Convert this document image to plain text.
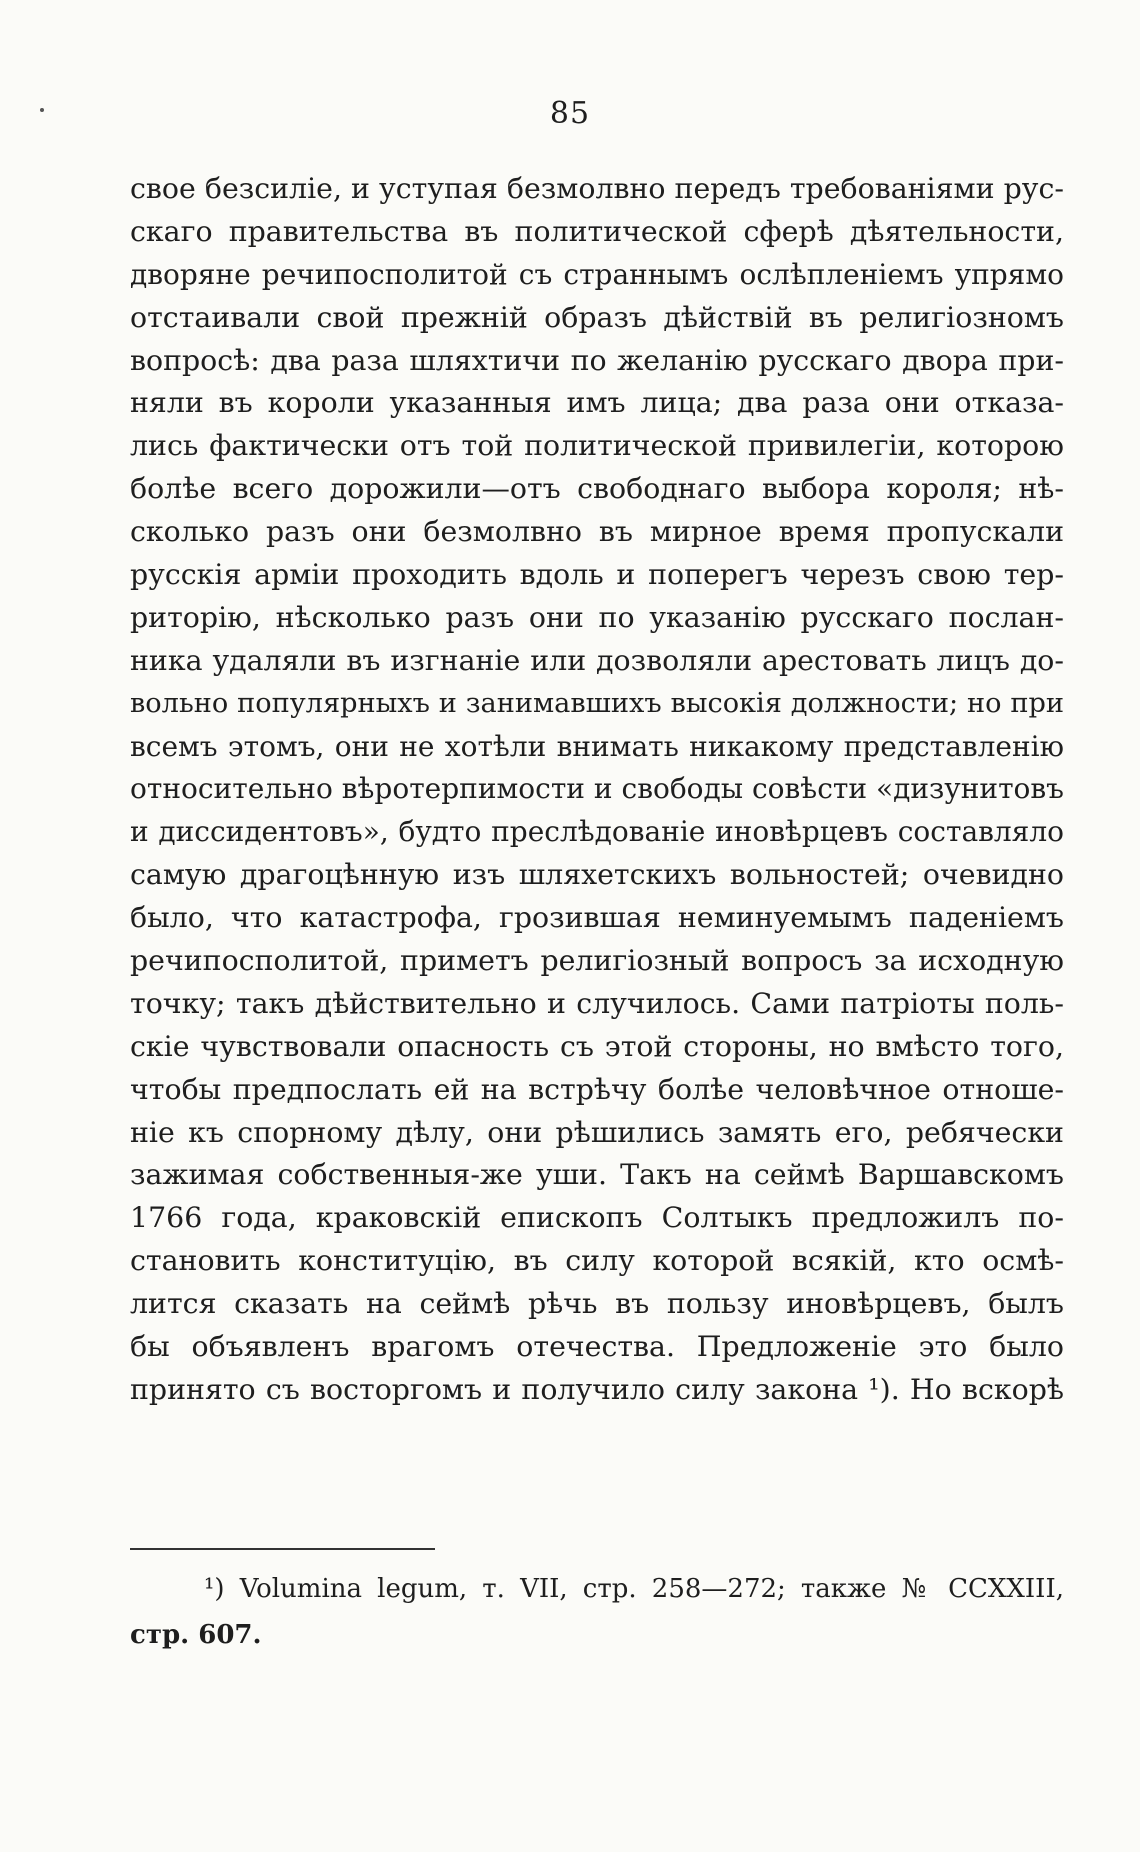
85
свое безсиліе, и уступая безмолвно передъ требованіями рус-
скаго правительства въ политической сферѣ дѣятельности,
дворяне речипосполитой съ страннымъ ослѣпленіемъ упрямо
отстаивали свой прежній образъ дѣйствій въ религіозномъ
вопросѣ: два раза шляхтичи по желанію русскаго двора при-
няли въ короли указанныя имъ лица; два раза они отказа-
лись фактически отъ той политической привилегіи, которою
болѣе всего дорожили—отъ свободнаго выбора короля; нѣ-
сколько разъ они безмолвно въ мирное время пропускали
русскія арміи проходить вдоль и поперегъ черезъ свою тер-
риторію, нѣсколько разъ они по указанію русскаго послан-
ника удаляли въ изгнаніе или дозволяли арестовать лицъ до-
вольно популярныхъ и занимавшихъ высокія должности; но при
всемъ этомъ, они не хотѣли внимать никакому представленію
относительно вѣротерпимости и свободы совѣсти «дизунитовъ
и диссидентовъ», будто преслѣдованіе иновѣрцевъ составляло
самую драгоцѣнную изъ шляхетскихъ вольностей; очевидно
было, что катастрофа, грозившая неминуемымъ паденіемъ
речипосполитой, приметъ религіозный вопросъ за исходную
точку; такъ дѣйствительно и случилось. Сами патріоты поль-
скіе чувствовали опасность съ этой стороны, но вмѣсто того,
чтобы предпослать ей на встрѣчу болѣе человѣчное отноше-
ніе къ спорному дѣлу, они рѣшились замять его, ребячески
зажимая собственныя-же уши. Такъ на сеймѣ Варшавскомъ
1766 года, краковскій епископъ Солтыкъ предложилъ по-
становить конституцію, въ силу которой всякій, кто осмѣ-
лится сказать на сеймѣ рѣчь въ пользу иновѣрцевъ, былъ
бы объявленъ врагомъ отечества. Предложеніе это было
принято съ восторгомъ и получило силу закона ¹). Но вскорѣ
¹) Volumina legum, т. VII, стр. 258—272; также № CCXXIII,
стр. 607.
